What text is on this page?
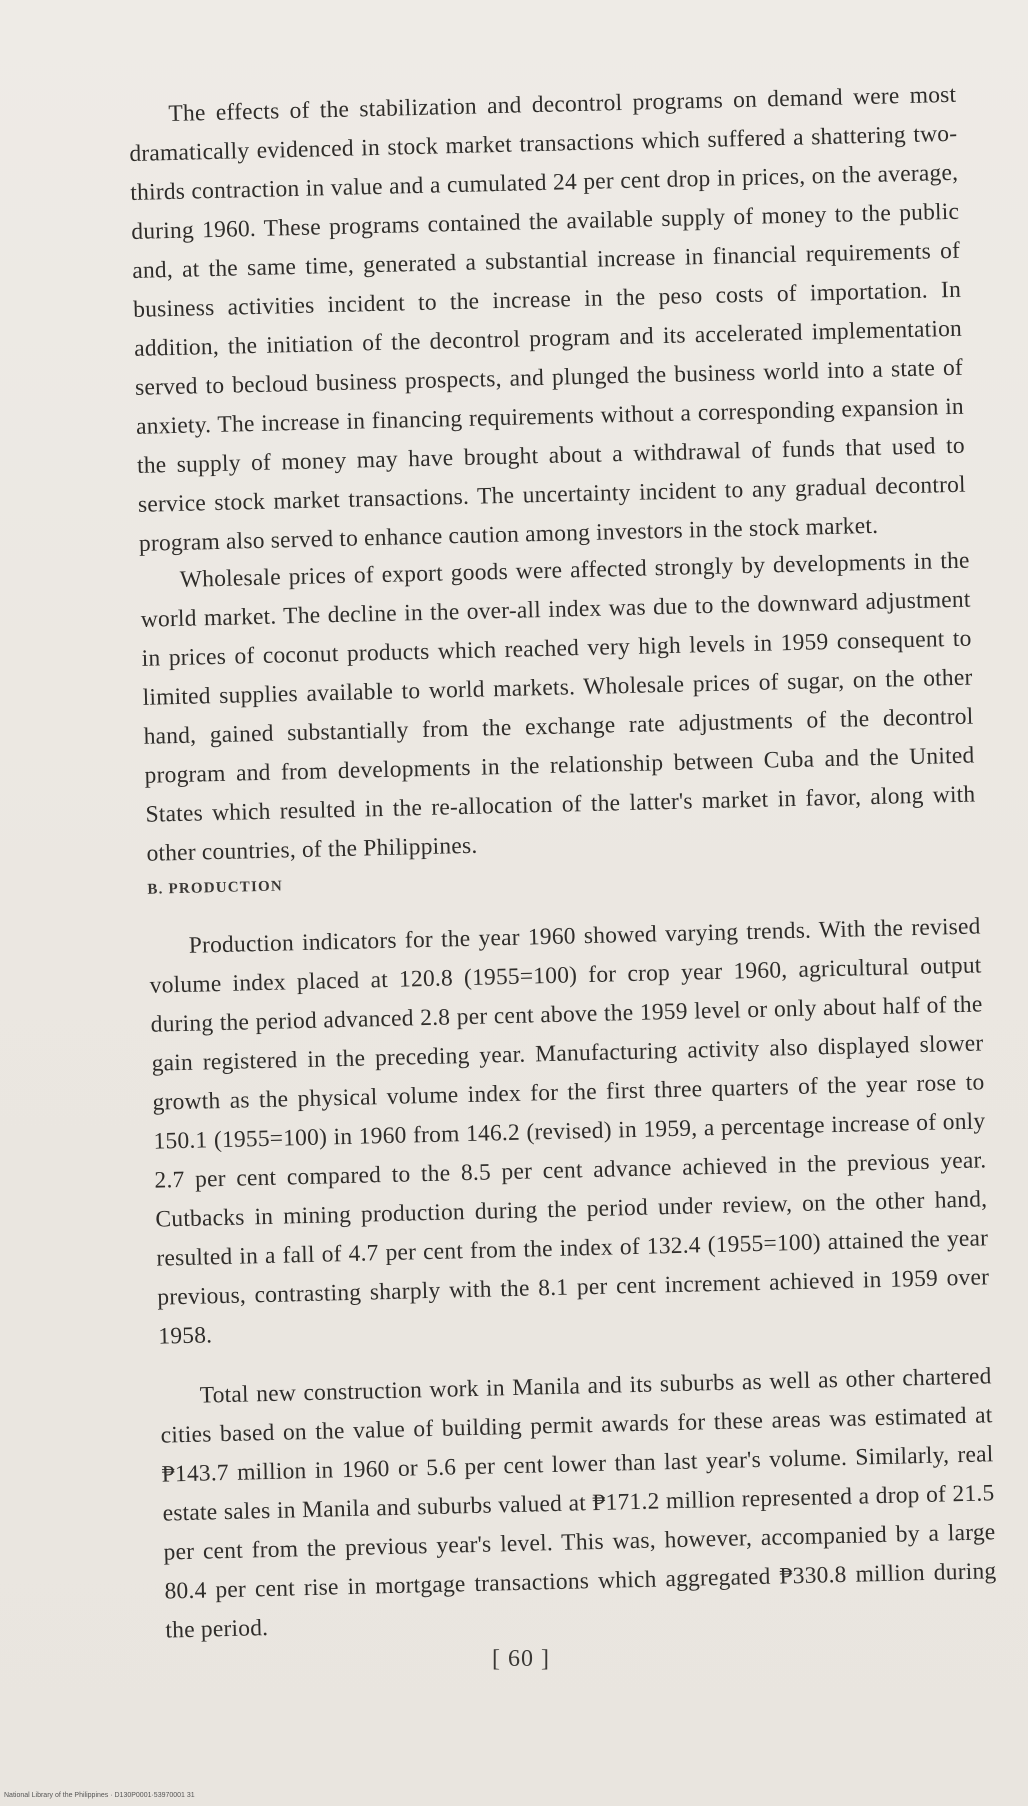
The effects of the stabilization and decontrol programs on demand were most dramatically evidenced in stock market transactions which suffered a shattering two-thirds contraction in value and a cumulated 24 per cent drop in prices, on the average, during 1960. These programs contained the available supply of money to the public and, at the same time, generated a substantial increase in financial requirements of business activities incident to the increase in the peso costs of importation. In addition, the initiation of the decontrol program and its accelerated implementation served to becloud business prospects, and plunged the business world into a state of anxiety. The increase in financing requirements without a corresponding expansion in the supply of money may have brought about a withdrawal of funds that used to service stock market transactions. The uncertainty incident to any gradual decontrol program also served to enhance caution among investors in the stock market.

Wholesale prices of export goods were affected strongly by developments in the world market. The decline in the over-all index was due to the downward adjustment in prices of coconut products which reached very high levels in 1959 consequent to limited supplies available to world markets. Wholesale prices of sugar, on the other hand, gained substantially from the exchange rate adjustments of the decontrol program and from developments in the relationship between Cuba and the United States which resulted in the re-allocation of the latter's market in favor, along with other countries, of the Philippines.

B. PRODUCTION

Production indicators for the year 1960 showed varying trends. With the revised volume index placed at 120.8 (1955=100) for crop year 1960, agricultural output during the period advanced 2.8 per cent above the 1959 level or only about half of the gain registered in the preceding year. Manufacturing activity also displayed slower growth as the physical volume index for the first three quarters of the year rose to 150.1 (1955=100) in 1960 from 146.2 (revised) in 1959, a percentage increase of only 2.7 per cent compared to the 8.5 per cent advance achieved in the previous year. Cutbacks in mining production during the period under review, on the other hand, resulted in a fall of 4.7 per cent from the index of 132.4 (1955=100) attained the year previous, contrasting sharply with the 8.1 per cent increment achieved in 1959 over 1958.

Total new construction work in Manila and its suburbs as well as other chartered cities based on the value of building permit awards for these areas was estimated at ₱143.7 million in 1960 or 5.6 per cent lower than last year's volume. Similarly, real estate sales in Manila and suburbs valued at ₱171.2 million represented a drop of 21.5 per cent from the previous year's level. This was, however, accompanied by a large 80.4 per cent rise in mortgage transactions which aggregated ₱330.8 million during the period.

[ 60 ]
National Library of the Philippines · D130P0001·53970001 31
